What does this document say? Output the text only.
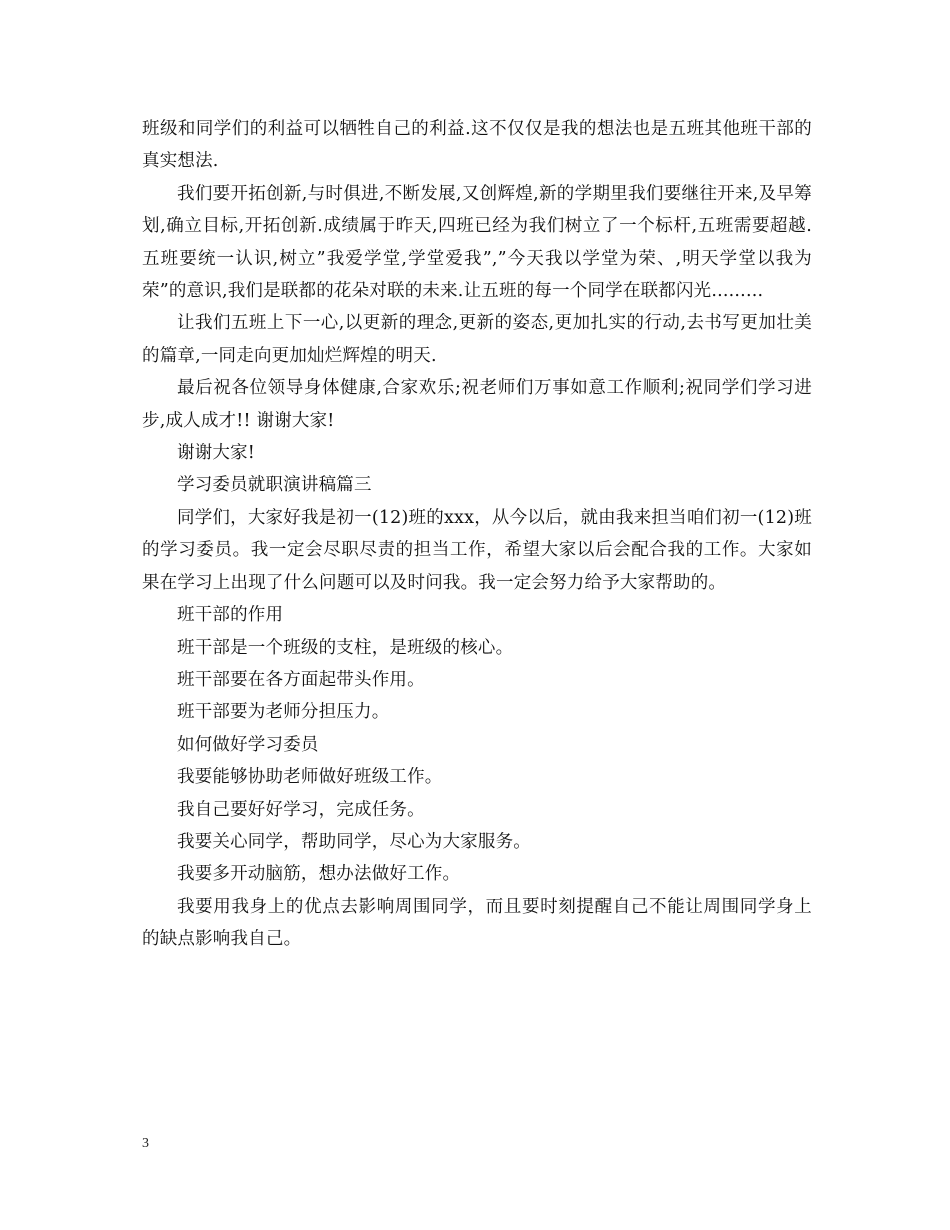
班级和同学们的利益可以牺牲自己的利益.这不仅仅是我的想法也是五班其他班干部的真实想法.

我们要开拓创新,与时俱进,不断发展,又创辉煌,新的学期里我们要继往开来,及早筹划,确立目标,开拓创新.成绩属于昨天,四班已经为我们树立了一个标杆,五班需要超越.五班要统一认识,树立”我爱学堂,学堂爱我”,”今天我以学堂为荣、,明天学堂以我为荣”的意识,我们是联都的花朵对联的未来.让五班的每一个同学在联都闪光.........

让我们五班上下一心,以更新的理念,更新的姿态,更加扎实的行动,去书写更加壮美的篇章,一同走向更加灿烂辉煌的明天.

最后祝各位领导身体健康,合家欢乐;祝老师们万事如意工作顺利;祝同学们学习进步,成人成才!! 谢谢大家!

谢谢大家!

学习委员就职演讲稿篇三

同学们，大家好我是初一(12)班的xxx，从今以后，就由我来担当咱们初一(12)班的学习委员。我一定会尽职尽责的担当工作，希望大家以后会配合我的工作。大家如果在学习上出现了什么问题可以及时问我。我一定会努力给予大家帮助的。

班干部的作用

班干部是一个班级的支柱，是班级的核心。

班干部要在各方面起带头作用。

班干部要为老师分担压力。

如何做好学习委员

我要能够协助老师做好班级工作。

我自己要好好学习，完成任务。

我要关心同学，帮助同学，尽心为大家服务。

我要多开动脑筋，想办法做好工作。

我要用我身上的优点去影响周围同学，而且要时刻提醒自己不能让周围同学身上的缺点影响我自己。

3
